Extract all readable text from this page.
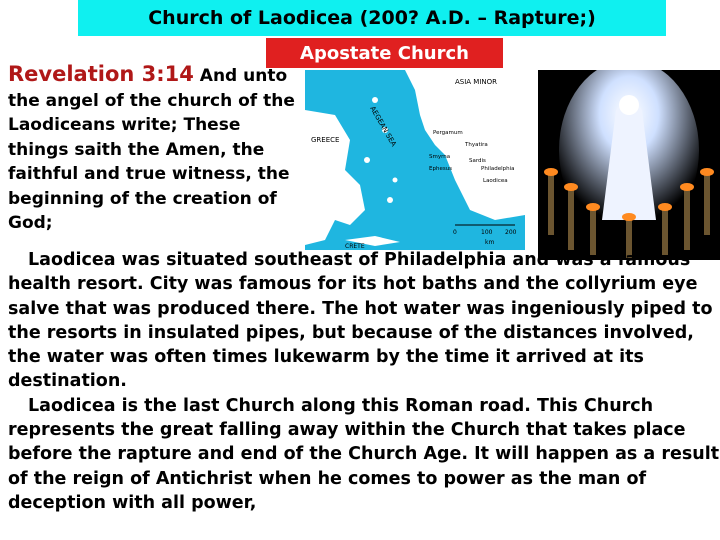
Church of Laodicea (200? A.D. – Rapture;)
Apostate Church
Revelation 3:14 And unto the angel of the church of the Laodiceans write; These things saith the Amen, the faithful and true witness, the beginning of the creation of God;
ASIA MINOR
AEGEAN SEA
GREECE
CRETE
Pergamum
Thyatira
Smyrna
Sardis
Philadelphia
Ephesus
Laodicea
0	100 200
km

Laodicea was situated southeast of Philadelphia and was a famous health resort. City was famous for its hot baths and the collyrium eye salve that was produced there. The hot water was ingeniously piped to the resorts in insulated pipes, but because of the distances involved, the water was often times lukewarm by the time it arrived at its destination.

Laodicea is the last Church along this Roman road. This Church represents the great falling away within the Church that takes place before the rapture and end of the Church Age. It will happen as a result of the reign of Antichrist when he comes to power as the man of deception with all power,
